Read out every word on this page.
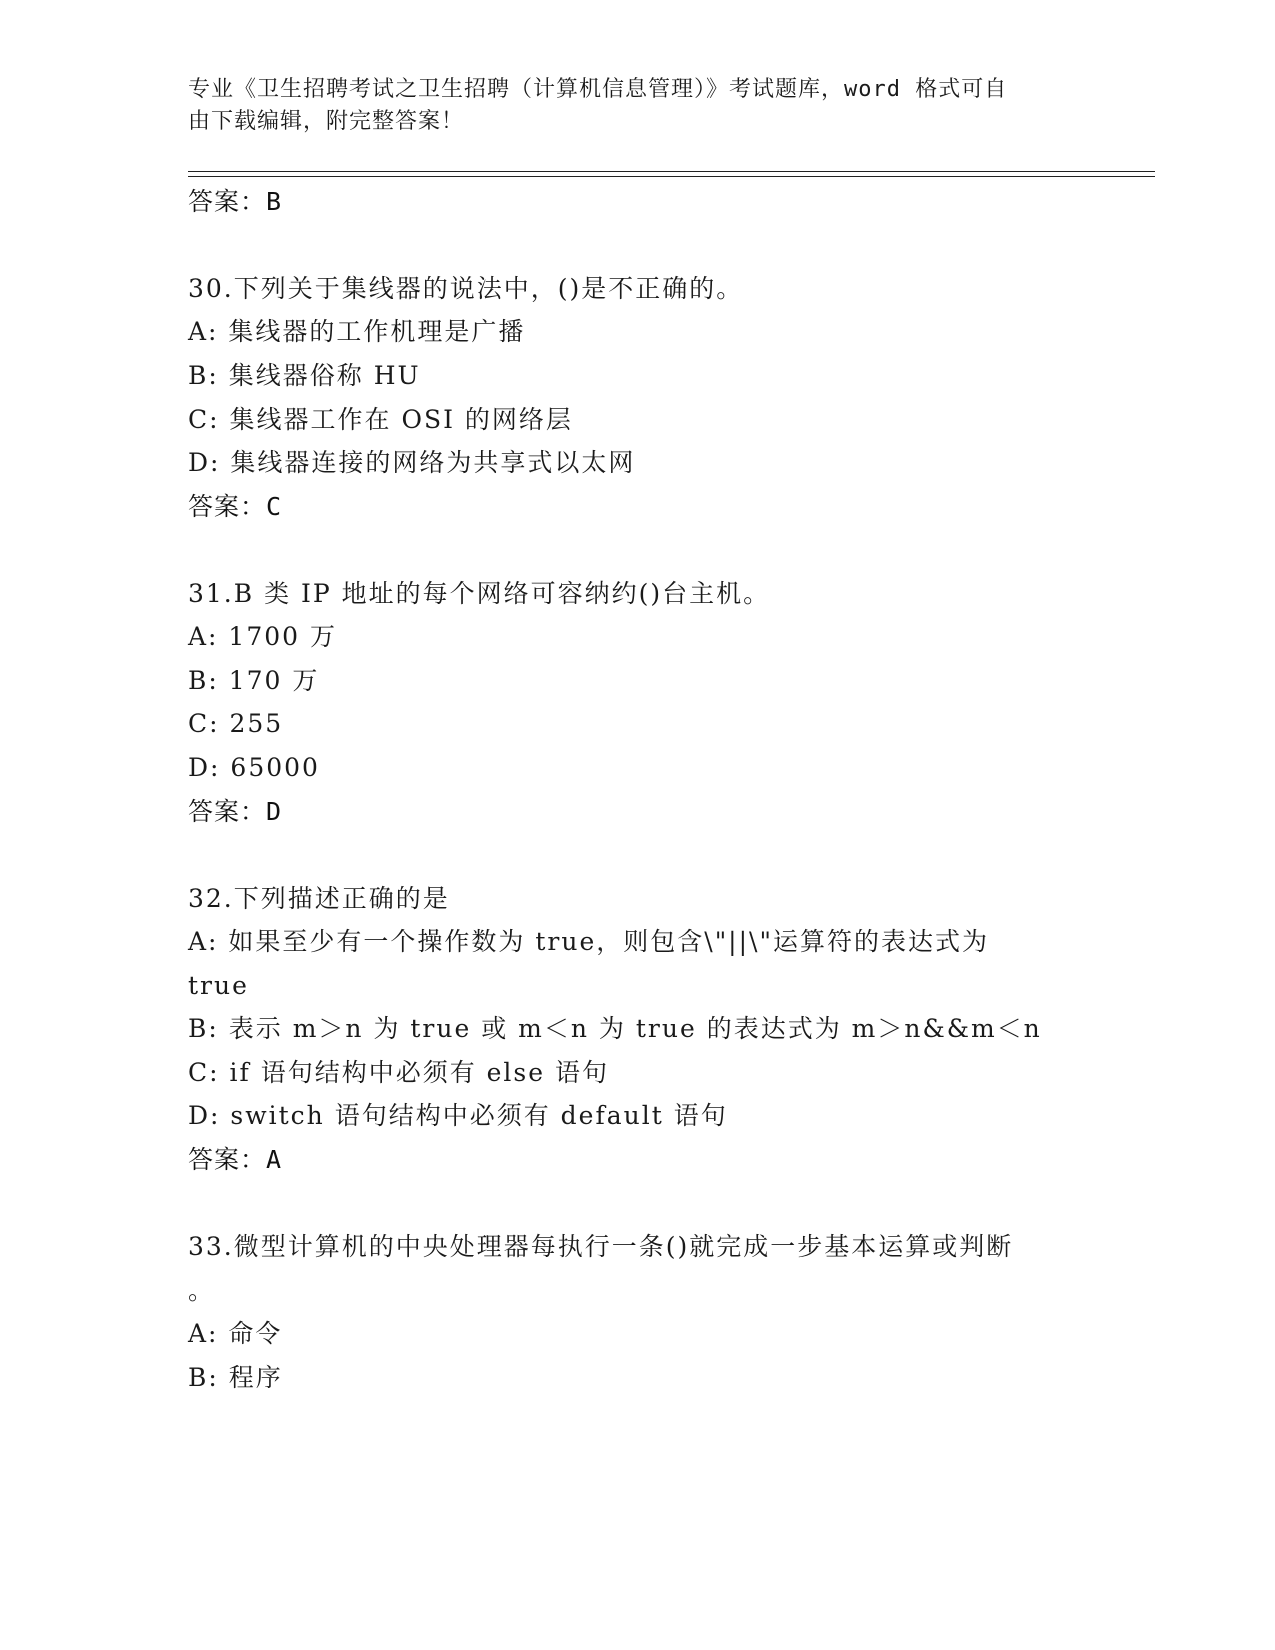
专业《卫生招聘考试之卫生招聘（计算机信息管理）》考试题库，word 格式可自
由下载编辑，附完整答案！
答案：B
30.下列关于集线器的说法中，()是不正确的。
A: 集线器的工作机理是广播
B: 集线器俗称 HU
C: 集线器工作在 OSI 的网络层
D: 集线器连接的网络为共享式以太网
答案：C
31.B 类 IP 地址的每个网络可容纳约()台主机。
A: 1700 万
B: 170 万
C: 255
D: 65000
答案：D
32.下列描述正确的是
A: 如果至少有一个操作数为 true，则包含\"||\"运算符的表达式为
true
B: 表示 m＞n 为 true 或 m＜n 为 true 的表达式为 m＞n&&m＜n
C: if 语句结构中必须有 else 语句
D: switch 语句结构中必须有 default 语句
答案：A
33.微型计算机的中央处理器每执行一条()就完成一步基本运算或判断
。
A: 命令
B: 程序
